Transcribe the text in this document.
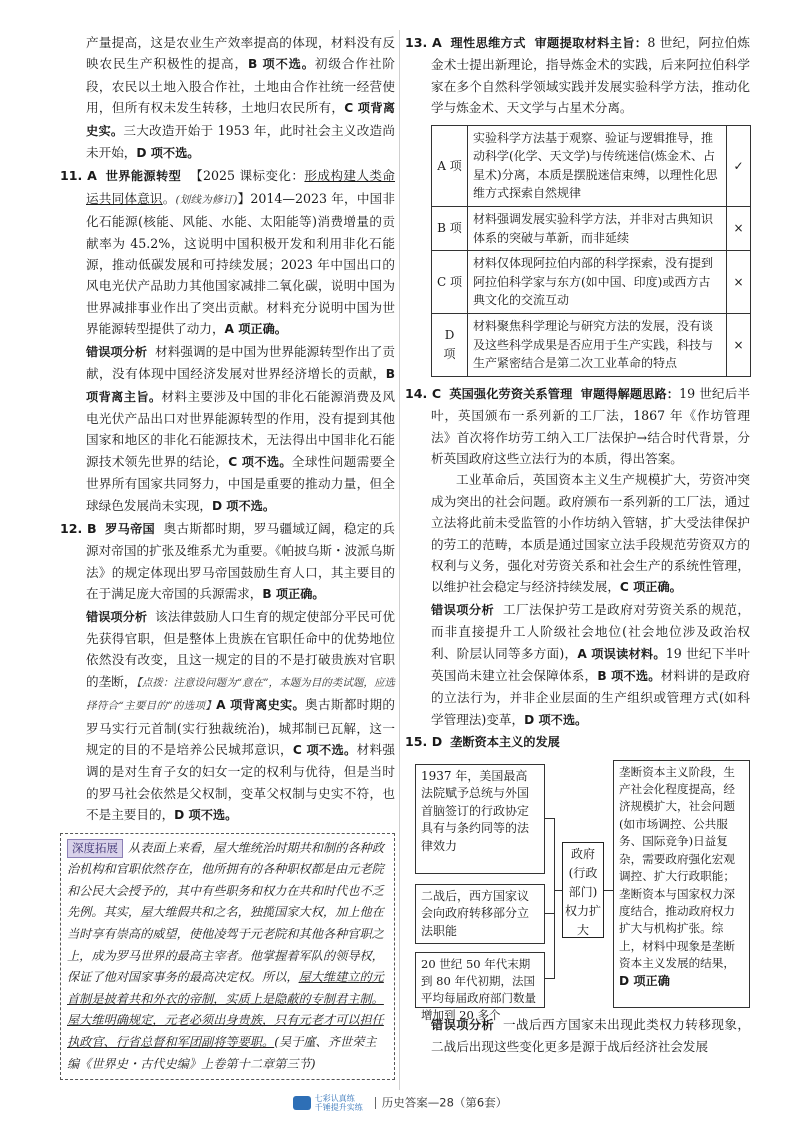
产量提高，这是农业生产效率提高的体现，材料没有反映农民生产积极性的提高，B 项不选。初级合作社阶段，农民以土地入股合作社，土地由合作社统一经营使用，但所有权未发生转移，土地归农民所有，C 项背离史实。三大改造开始于 1953 年，此时社会主义改造尚未开始，D 项不选。

11. A 世界能源转型 【2025 课标变化：形成构建人类命运共同体意识。(划线为修订)】2014—2023 年，中国非化石能源(核能、风能、水能、太阳能等)消费增量的贡献率为 45.2%，这说明中国积极开发和利用非化石能源，推动低碳发展和可持续发展；2023 年中国出口的风电光伏产品助力其他国家减排二氧化碳，说明中国为世界减排事业作出了突出贡献。材料充分说明中国为世界能源转型提供了动力，A 项正确。

错误项分析 材料强调的是中国为世界能源转型作出了贡献，没有体现中国经济发展对世界经济增长的贡献，B 项背离主旨。材料主要涉及中国的非化石能源消费及风电光伏产品出口对世界能源转型的作用，没有提到其他国家和地区的非化石能源技术，无法得出中国非化石能源技术领先世界的结论，C 项不选。全球性问题需要全世界所有国家共同努力，中国是重要的推动力量，但全球绿色发展尚未实现，D 项不选。

12. B 罗马帝国 奥古斯都时期，罗马疆域辽阔，稳定的兵源对帝国的扩张及维系尤为重要。《帕披乌斯・波派乌斯法》的规定体现出罗马帝国鼓励生育人口，其主要目的在于满足庞大帝国的兵源需求，B 项正确。

错误项分析 该法律鼓励人口生育的规定使部分平民可优先获得官职，但是整体上贵族在官职任命中的优势地位依然没有改变，且这一规定的目的不是打破贵族对官职的垄断，【点拨：注意设问题为“意在”，本题为目的类试题，应选择符合“主要目的”的选项】A 项背离史实。奥古斯都时期的罗马实行元首制(实行独裁统治)，城邦制已瓦解，这一规定的目的不是培养公民城邦意识，C 项不选。材料强调的是对生育子女的妇女一定的权利与优待，但是当时的罗马社会依然是父权制，变革父权制与史实不符，也不是主要目的，D 项不选。

深度拓展 从表面上来看，屋大维统治时期共和制的各种政治机构和官职依然存在，他所拥有的各种职权都是由元老院和公民大会授予的，其中有些职务和权力在共和时代也不乏先例。其实，屋大维假共和之名，独揽国家大权，加上他在当时享有崇高的威望，使他凌驾于元老院和其他各种官职之上，成为罗马世界的最高主宰者。他掌握着军队的领导权，保证了他对国家事务的最高决定权。所以，屋大维建立的元首制是披着共和外衣的帝制，实质上是隐蔽的专制君主制。屋大维明确规定，元老必须出身贵族，只有元老才可以担任执政官、行省总督和军团副将等要职。(吴于廑、齐世荣主编《世界史・古代史编》上卷第十二章第三节)

13. A 理性思维方式 审题提取材料主旨：8 世纪，阿拉伯炼金术士提出新理论，指导炼金术的实践，后来阿拉伯科学家在多个自然科学领域实践并发展实验科学方法，推动化学与炼金术、天文学与占星术分离。

A 项	实验科学方法基于观察、验证与逻辑推导，推动科学(化学、天文学)与传统迷信(炼金术、占星术)分离，本质是摆脱迷信束缚，以理性化思维方式探索自然规律	✓
B 项	材料强调发展实验科学方法，并非对古典知识体系的突破与革新，而非延续	×
C 项	材料仅体现阿拉伯内部的科学探索，没有提到阿拉伯科学家与东方(如中国、印度)或西方古典文化的交流互动	×
D 项	材料聚焦科学理论与研究方法的发展，没有谈及这些科学成果是否应用于生产实践，科技与生产紧密结合是第二次工业革命的特点	×

14. C 英国强化劳资关系管理 审题得解题思路：19 世纪后半叶，英国颁布一系列新的工厂法，1867 年《作坊管理法》首次将作坊劳工纳入工厂法保护→结合时代背景，分析英国政府这些立法行为的本质，得出答案。

工业革命后，英国资本主义生产规模扩大，劳资冲突成为突出的社会问题。政府颁布一系列新的工厂法，通过立法将此前未受监管的小作坊纳入管辖，扩大受法律保护的劳工的范畴，本质是通过国家立法手段规范劳资双方的权利与义务，强化对劳资关系和社会生产的系统性管理，以维护社会稳定与经济持续发展，C 项正确。

错误项分析 工厂法保护劳工是政府对劳资关系的规范，而非直接提升工人阶级社会地位(社会地位涉及政治权利、阶层认同等多方面)，A 项误读材料。19 世纪下半叶英国尚未建立社会保障体系，B 项不选。材料讲的是政府的立法行为，并非企业层面的生产组织或管理方式(如科学管理法)变革，D 项不选。

15. D 垄断资本主义的发展

1937 年，美国最高法院赋予总统与外国首脑签订的行政协定具有与条约同等的法律效力
二战后，西方国家议会向政府转移部分立法职能
20 世纪 50 年代末期到 80 年代初期，法国平均每届政府部门数量增加到 20 多个
政府(行政部门)权力扩大
垄断资本主义阶段，生产社会化程度提高，经济规模扩大，社会问题(如市场调控、公共服务、国际竞争)日益复杂，需要政府强化宏观调控、扩大行政职能；垄断资本与国家权力深度结合，推动政府权力扩大与机构扩张。综上，材料中现象是垄断资本主义发展的结果，D 项正确

错误项分析 一战后西方国家未出现此类权力转移现象，二战后出现这些变化更多是源于战后经济社会发展

七彩认真练
千锤提升实练 历史答案—28（第6套）
